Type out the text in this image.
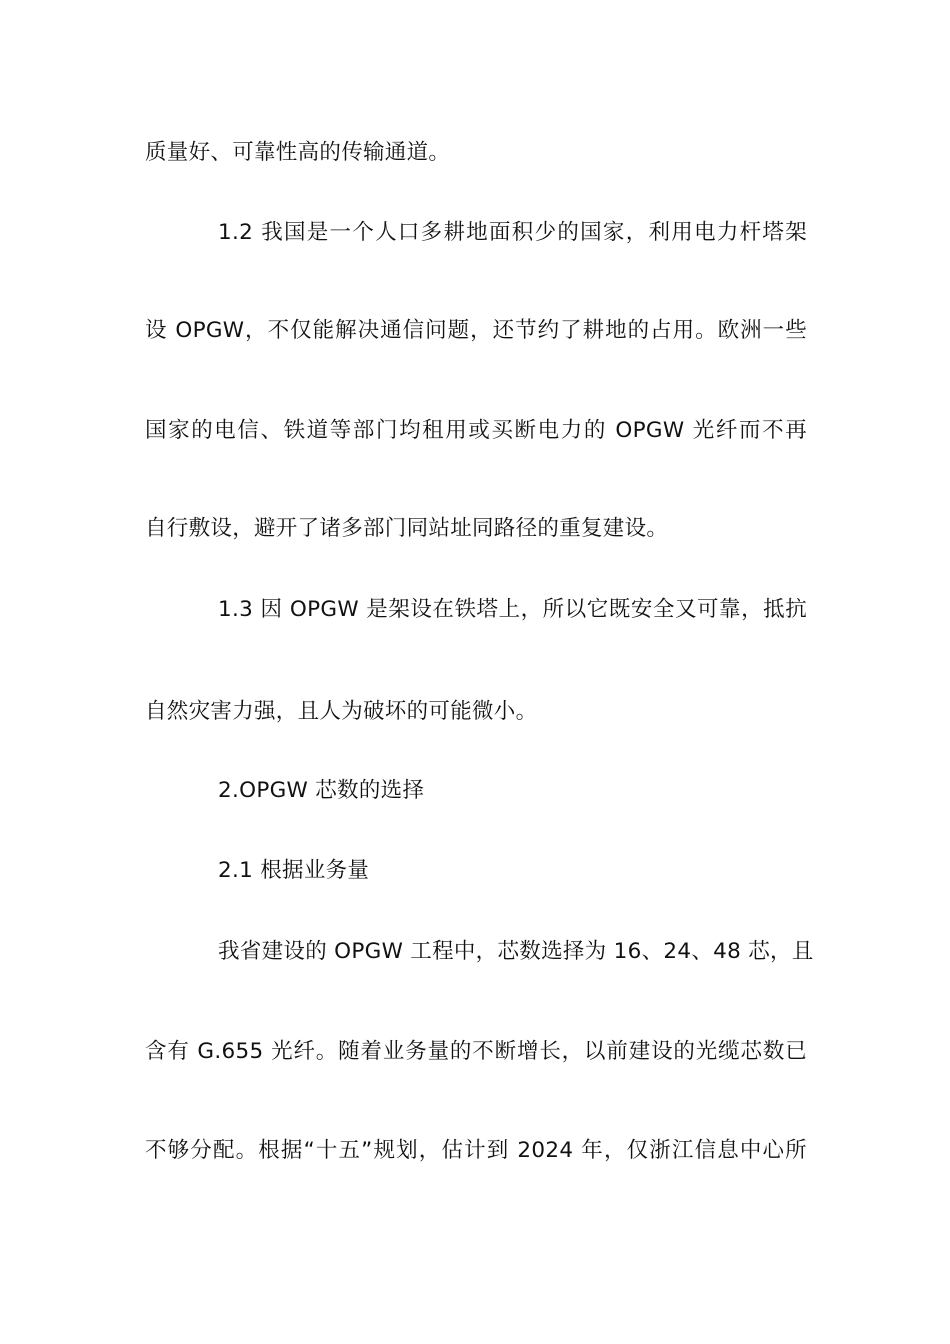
质量好、可靠性高的传输通道。
1.2 我国是一个人口多耕地面积少的国家，利用电力杆塔架
设 OPGW，不仅能解决通信问题，还节约了耕地的占用。欧洲一些
国家的电信、铁道等部门均租用或买断电力的 OPGW 光纤而不再
自行敷设，避开了诸多部门同站址同路径的重复建设。
1.3 因 OPGW 是架设在铁塔上，所以它既安全又可靠，抵抗
自然灾害力强，且人为破坏的可能微小。
2.OPGW 芯数的选择
2.1 根据业务量
我省建设的 OPGW 工程中，芯数选择为 16、24、48 芯，且
含有 G.655 光纤。随着业务量的不断增长，以前建设的光缆芯数已
不够分配。根据“十五”规划，估计到 2024 年，仅浙江信息中心所
